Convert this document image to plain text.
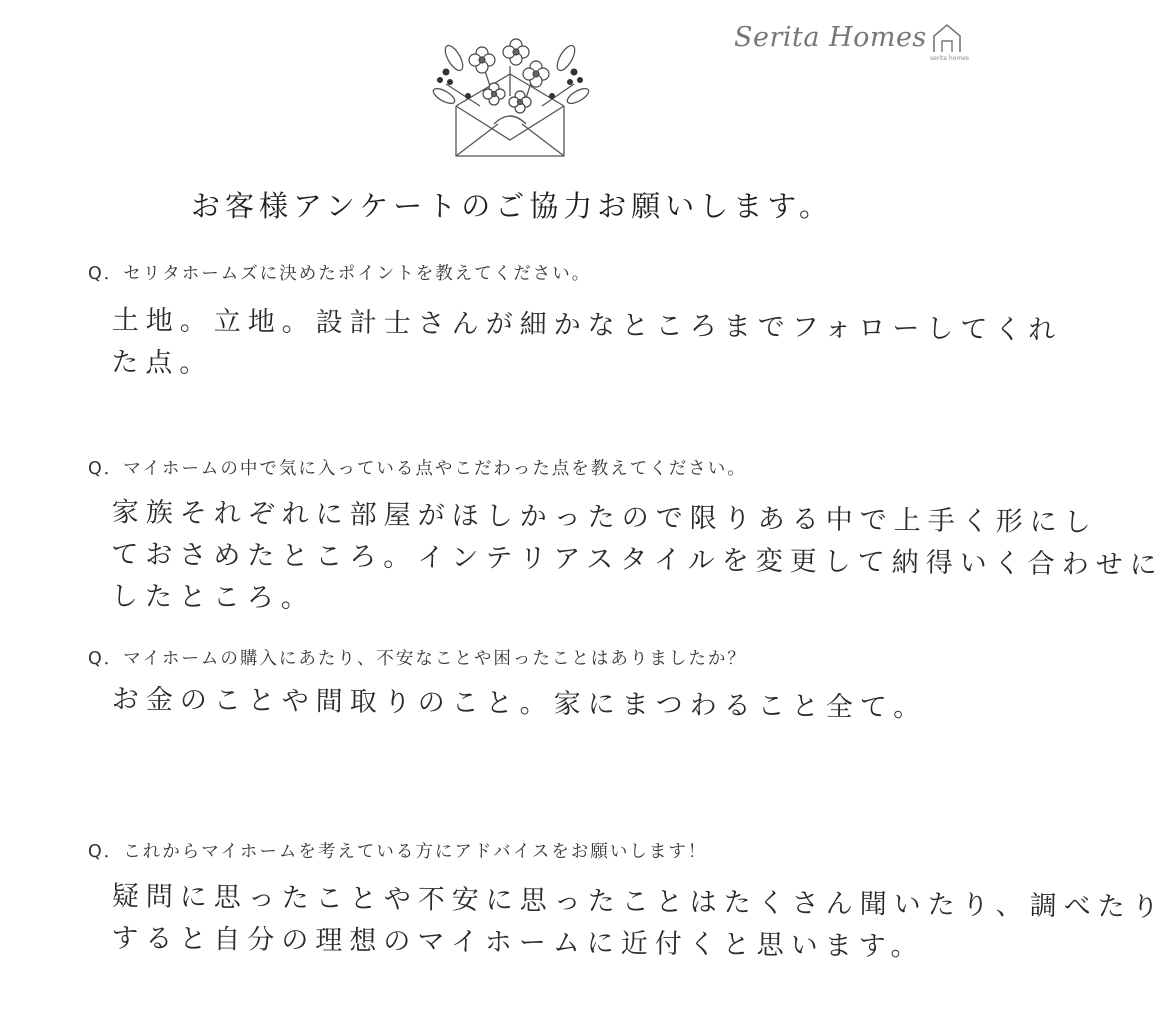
Serita Homes
serita homes
お客様アンケートのご協力お願いします。
Q．セリタホームズに決めたポイントを教えてください。
土地。立地。設計士さんが細かなところまでフォローしてくれ
た点。
Q．マイホームの中で気に入っている点やこだわった点を教えてください。
家族それぞれに部屋がほしかったので限りある中で上手く形にし
ておさめたところ。インテリアスタイルを変更して納得いく合わせに
したところ。
Q．マイホームの購入にあたり、不安なことや困ったことはありましたか？
お金のことや間取りのこと。家にまつわること全て。
Q．これからマイホームを考えている方にアドバイスをお願いします！
疑問に思ったことや不安に思ったことはたくさん聞いたり、調べたり
すると自分の理想のマイホームに近付くと思います。
